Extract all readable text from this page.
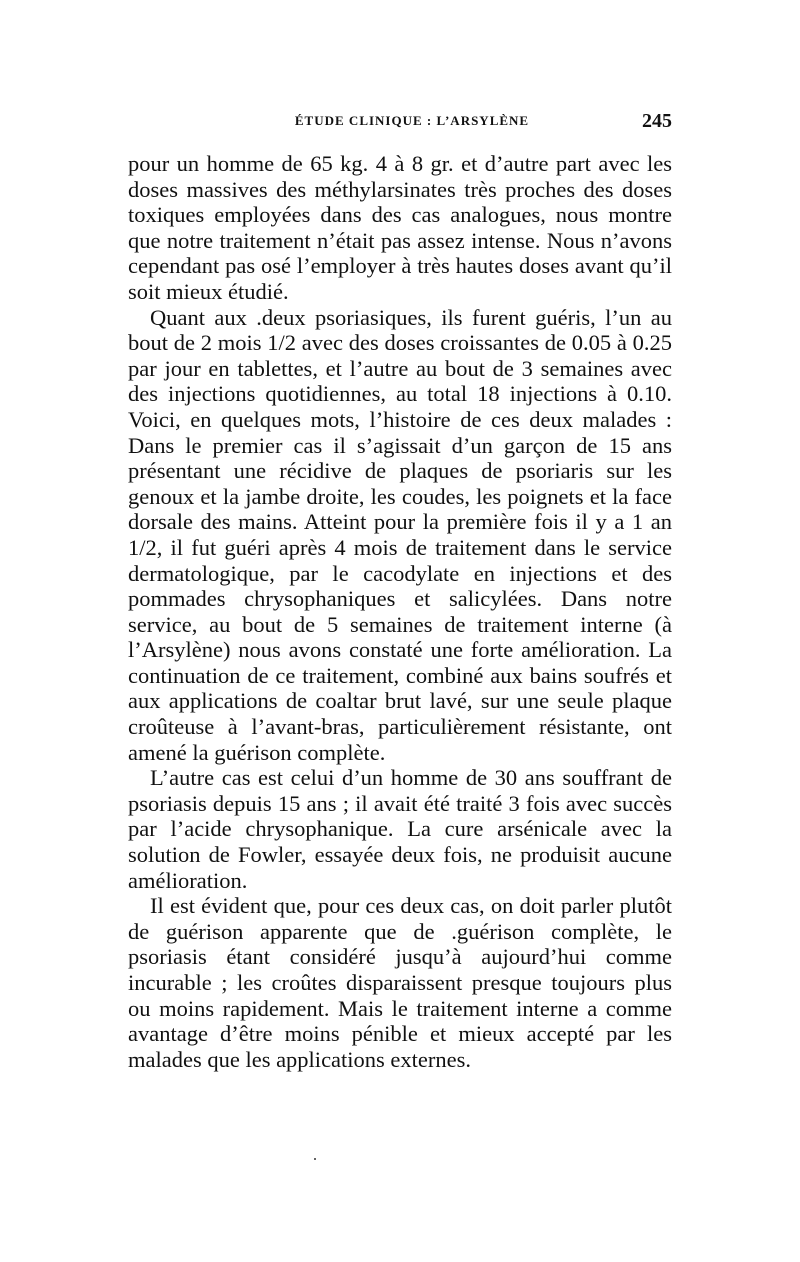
ÉTUDE CLINIQUE : L’ARSYLÈNE	245

pour un homme de 65 kg. 4 à 8 gr. et d’autre part avec les doses massives des méthylarsinates très proches des doses toxiques employées dans des cas analogues, nous montre que notre traitement n’était pas assez intense. Nous n’avons cependant pas osé l’employer à très hautes doses avant qu’il soit mieux étudié.

Quant aux .deux psoriasiques, ils furent guéris, l’un au bout de 2 mois 1/2 avec des doses croissantes de 0.05 à 0.25 par jour en tablettes, et l’autre au bout de 3 semaines avec des injections quotidiennes, au total 18 injections à 0.10. Voici, en quelques mots, l’histoire de ces deux malades : Dans le premier cas il s’agissait d’un garçon de 15 ans présentant une récidive de plaques de psoriaris sur les genoux et la jambe droite, les coudes, les poignets et la face dorsale des mains. Atteint pour la première fois il y a 1 an 1/2, il fut guéri après 4 mois de traitement dans le service dermatologique, par le cacodylate en injections et des pommades chrysophaniques et salicylées. Dans notre service, au bout de 5 semaines de traitement interne (à l’Arsylène) nous avons constaté une forte amélioration. La continuation de ce traitement, combiné aux bains soufrés et aux applications de coaltar brut lavé, sur une seule plaque croûteuse à l’avant-bras, particulièrement résistante, ont amené la guérison complète.

L’autre cas est celui d’un homme de 30 ans souffrant de psoriasis depuis 15 ans ; il avait été traité 3 fois avec succès par l’acide chrysophanique. La cure arsénicale avec la solution de Fowler, essayée deux fois, ne produisit aucune amélioration.

Il est évident que, pour ces deux cas, on doit parler plutôt de guérison apparente que de .guérison complète, le psoriasis étant considéré jusqu’à aujourd’hui comme incurable ; les croûtes disparaissent presque toujours plus ou moins rapidement. Mais le traitement interne a comme avantage d’être moins pénible et mieux accepté par les malades que les applications externes.
